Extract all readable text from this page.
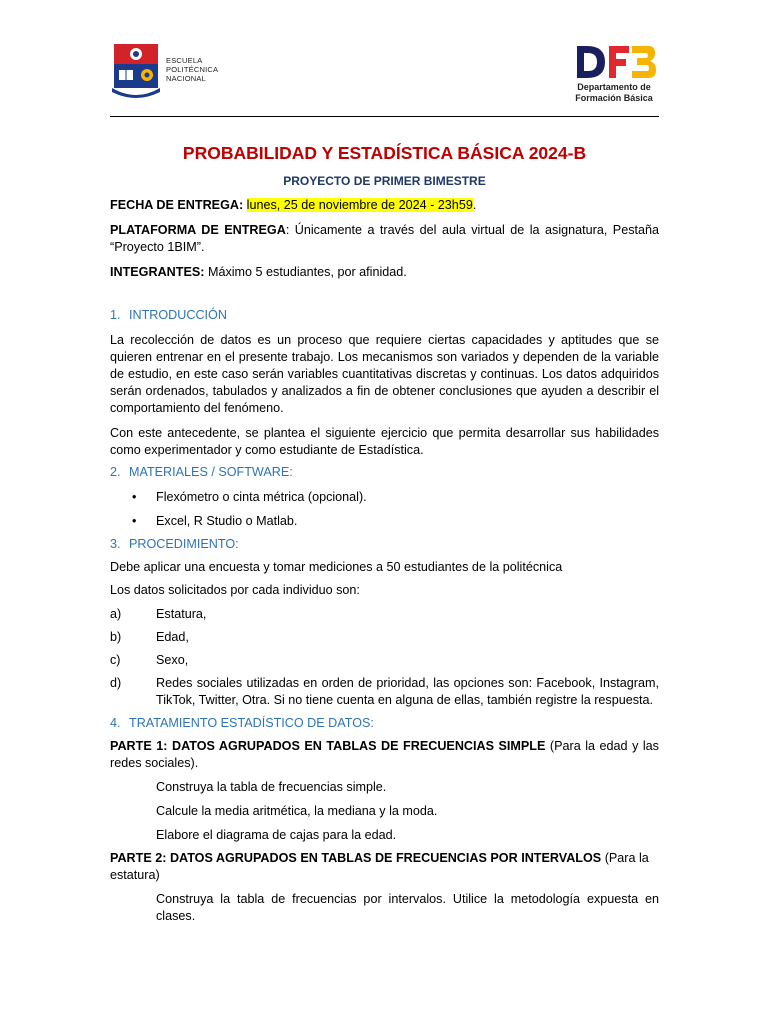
ESCUELA
POLITÉCNICA
NACIONAL
Departamento de
Formación Básica
PROBABILIDAD Y ESTADÍSTICA BÁSICA 2024-B
PROYECTO DE PRIMER BIMESTRE

FECHA DE ENTREGA: lunes, 25 de noviembre de 2024 - 23h59.

PLATAFORMA DE ENTREGA: Únicamente a través del aula virtual de la asignatura, Pestaña “Proyecto 1BIM”.

INTEGRANTES: Máximo 5 estudiantes, por afinidad.

1. INTRODUCCIÓN

La recolección de datos es un proceso que requiere ciertas capacidades y aptitudes que se quieren entrenar en el presente trabajo. Los mecanismos son variados y dependen de la variable de estudio, en este caso serán variables cuantitativas discretas y continuas. Los datos adquiridos serán ordenados, tabulados y analizados a fin de obtener conclusiones que ayuden a describir el comportamiento del fenómeno.

Con este antecedente, se plantea el siguiente ejercicio que permita desarrollar sus habilidades como experimentador y como estudiante de Estadística.

2. MATERIALES / SOFTWARE:
•	Flexómetro o cinta métrica (opcional).
•	Excel, R Studio o Matlab.
3. PROCEDIMIENTO:

Debe aplicar una encuesta y tomar mediciones a 50 estudiantes de la politécnica

Los datos solicitados por cada individuo son:

a)	Estatura,
b)	Edad,
c)	Sexo,
d)	Redes sociales utilizadas en orden de prioridad, las opciones son: Facebook, Instagram, TikTok, Twitter, Otra. Si no tiene cuenta en alguna de ellas, también registre la respuesta.
4. TRATAMIENTO ESTADÍSTICO DE DATOS:

PARTE 1: DATOS AGRUPADOS EN TABLAS DE FRECUENCIAS SIMPLE (Para la edad y las redes sociales).

Construya la tabla de frecuencias simple.

Calcule la media aritmética, la mediana y la moda.

Elabore el diagrama de cajas para la edad.

PARTE 2: DATOS AGRUPADOS EN TABLAS DE FRECUENCIAS POR INTERVALOS (Para la estatura)

Construya la tabla de frecuencias por intervalos. Utilice la metodología expuesta en clases.
